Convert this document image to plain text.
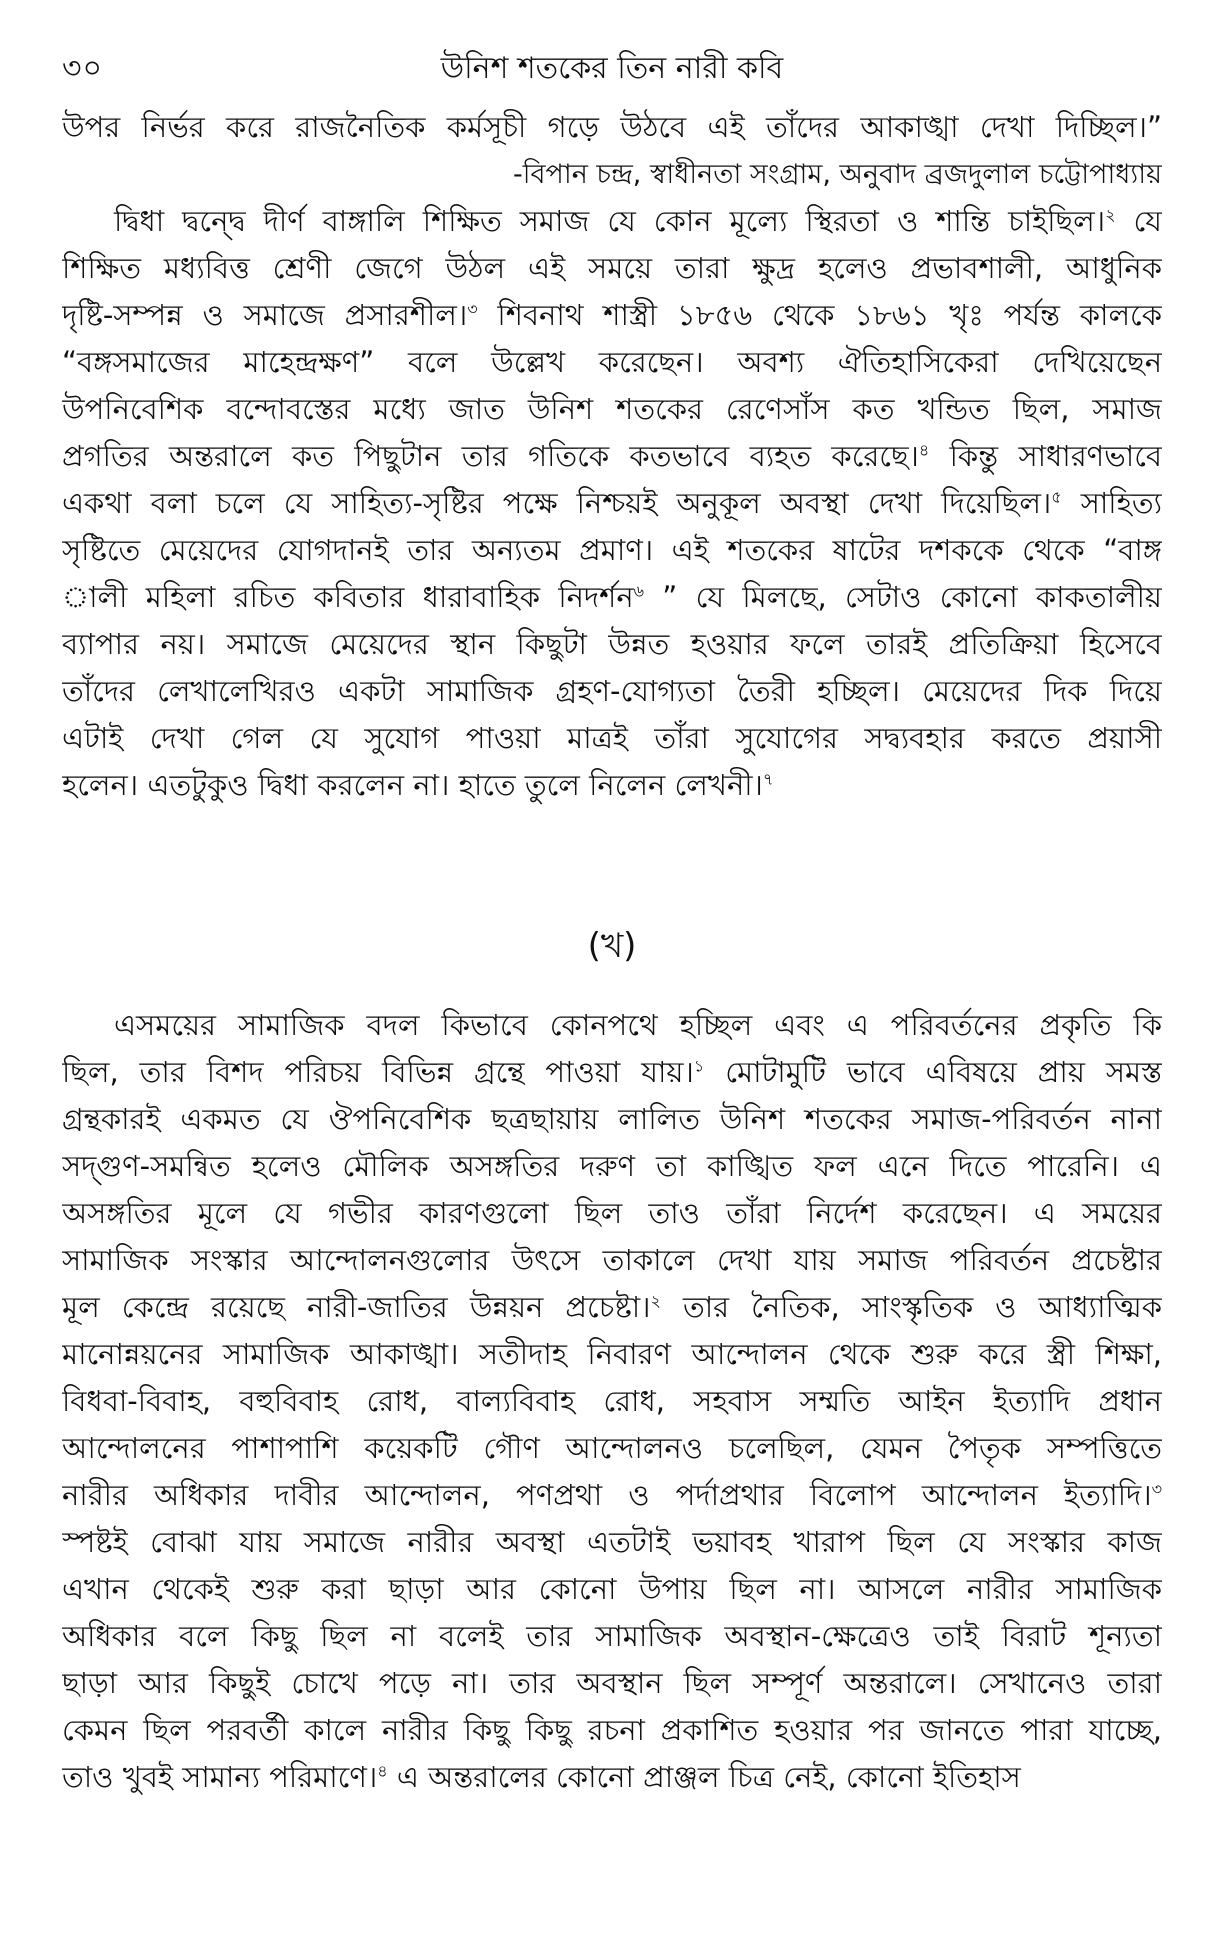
৩০	উনিশ শতকের তিন নারী কবি
উপর নির্ভর করে রাজনৈতিক কর্মসূচী গড়ে উঠবে এই তাঁদের আকাঙ্খা দেখা দিচ্ছিল।”
-বিপান চন্দ্র, স্বাধীনতা সংগ্রাম, অনুবাদ ব্রজদুলাল চট্টোপাধ্যায়
দ্বিধা দ্বন্দ্বে দীর্ণ বাঙ্গালি শিক্ষিত সমাজ যে কোন মূল্যে স্থিরতা ও শান্তি চাইছিল।$^২$ যে
শিক্ষিত মধ্যবিত্ত শ্রেণী জেগে উঠল এই সময়ে তারা ক্ষুদ্র হলেও প্রভাবশালী, আধুনিক
দৃষ্টি-সম্পন্ন ও সমাজে প্রসারশীল।$^৩$ শিবনাথ শাস্ত্রী ১৮৫৬ থেকে ১৮৬১ খৃঃ পর্যন্ত কালকে
“বঙ্গসমাজের মাহেন্দ্রক্ষণ” বলে উল্লেখ করেছেন। অবশ্য ঐতিহাসিকেরা দেখিয়েছেন
উপনিবেশিক বন্দোবস্তের মধ্যে জাত উনিশ শতকের রেণেসাঁস কত খন্ডিত ছিল, সমাজ
প্রগতির অন্তরালে কত পিছুটান তার গতিকে কতভাবে ব্যহত করেছে।$^৪$ কিন্তু সাধারণভাবে
একথা বলা চলে যে সাহিত্য-সৃষ্টির পক্ষে নিশ্চয়ই অনুকূল অবস্থা দেখা দিয়েছিল।$^৫$ সাহিত্য
সৃষ্টিতে মেয়েদের যোগদানই তার অন্যতম প্রমাণ। এই শতকের ষাটের দশককে থেকে “বাঙ্গ
ালী মহিলা রচিত কবিতার ধারাবাহিক নিদর্শন$^৬$ ” যে মিলছে, সেটাও কোনো কাকতালীয়
ব্যাপার নয়। সমাজে মেয়েদের স্থান কিছুটা উন্নত হওয়ার ফলে তারই প্রতিক্রিয়া হিসেবে
তাঁদের লেখালেখিরও একটা সামাজিক গ্রহণ-যোগ্যতা তৈরী হচ্ছিল। মেয়েদের দিক দিয়ে
এটাই দেখা গেল যে সুযোগ পাওয়া মাত্রই তাঁরা সুযোগের সদ্ব্যবহার করতে প্রয়াসী
হলেন। এতটুকুও দ্বিধা করলেন না। হাতে তুলে নিলেন লেখনী।$^৭$
(খ)
এসময়ের সামাজিক বদল কিভাবে কোনপথে হচ্ছিল এবং এ পরিবর্তনের প্রকৃতি কি
ছিল, তার বিশদ পরিচয় বিভিন্ন গ্রন্থে পাওয়া যায়।$^১$ মোটামুটি ভাবে এবিষয়ে প্রায় সমস্ত
গ্রন্থকারই একমত যে ঔপনিবেশিক ছত্রছায়ায় লালিত উনিশ শতকের সমাজ-পরিবর্তন নানা
সদ্‌গুণ-সমন্বিত হলেও মৌলিক অসঙ্গতির দরুণ তা কাঙ্খিত ফল এনে দিতে পারেনি। এ
অসঙ্গতির মূলে যে গভীর কারণগুলো ছিল তাও তাঁরা নির্দেশ করেছেন। এ সময়ের
সামাজিক সংস্কার আন্দোলনগুলোর উৎসে তাকালে দেখা যায় সমাজ পরিবর্তন প্রচেষ্টার
মূল কেন্দ্রে রয়েছে নারী-জাতির উন্নয়ন প্রচেষ্টা।$^২$ তার নৈতিক, সাংস্কৃতিক ও আধ্যাত্মিক
মানোন্নয়নের সামাজিক আকাঙ্খা। সতীদাহ নিবারণ আন্দোলন থেকে শুরু করে স্ত্রী শিক্ষা,
বিধবা-বিবাহ, বহুবিবাহ রোধ, বাল্যবিবাহ রোধ, সহবাস সম্মতি আইন ইত্যাদি প্রধান
আন্দোলনের পাশাপাশি কয়েকটি গৌণ আন্দোলনও চলেছিল, যেমন পৈতৃক সম্পত্তিতে
নারীর অধিকার দাবীর আন্দোলন, পণপ্রথা ও পর্দাপ্রথার বিলোপ আন্দোলন ইত্যাদি।$^৩$
স্পষ্টই বোঝা যায় সমাজে নারীর অবস্থা এতটাই ভয়াবহ খারাপ ছিল যে সংস্কার কাজ
এখান থেকেই শুরু করা ছাড়া আর কোনো উপায় ছিল না। আসলে নারীর সামাজিক
অধিকার বলে কিছু ছিল না বলেই তার সামাজিক অবস্থান-ক্ষেত্রেও তাই বিরাট শূন্যতা
ছাড়া আর কিছুই চোখে পড়ে না। তার অবস্থান ছিল সম্পূর্ণ অন্তরালে। সেখানেও তারা
কেমন ছিল পরবর্তী কালে নারীর কিছু কিছু রচনা প্রকাশিত হওয়ার পর জানতে পারা যাচ্ছে,
তাও খুবই সামান্য পরিমাণে।$^৪$ এ অন্তরালের কোনো প্রাঞ্জল চিত্র নেই, কোনো ইতিহাস
